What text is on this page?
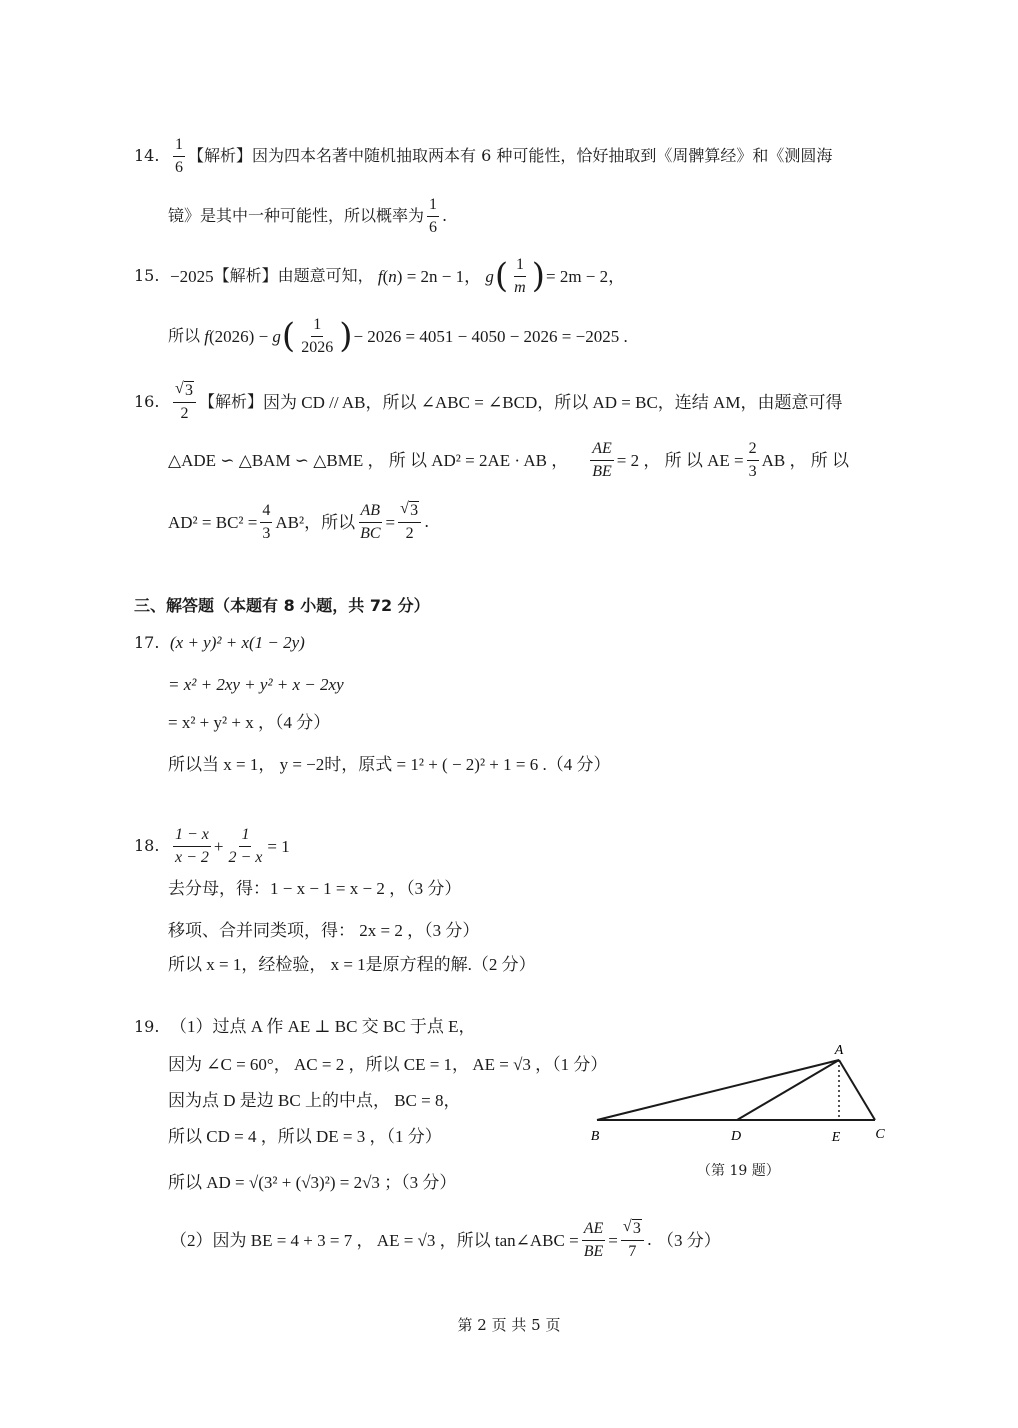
14. $\frac{1}{6}$ 【解析】 因为四本名著中随机抽取两本有 6 种可能性，恰好抽取到《周髀算经》和《测圆海
镜》是其中一种可能性，所以概率为 $\frac{1}{6}$ .
15. −2025 【解析】 由题意可知， f ( n ) = 2n − 1， g ( $\frac{1}{m}$ ) = 2m − 2，
所以 f(2026) − g ( $\frac{1}{2026}$ ) − 2026 = 4051 − 4050 − 2026 = −2025 .
16. $\frac{√ 3}{2}$ 【解析】 因为 CD // AB，所以 ∠ABC = ∠BCD，所以 AD = BC，连结 AM，由题意可得
△ADE ∽ △BAM ∽ △BME ， 所 以 AD² = 2AE · AB ， $\frac{AE}{BE} = 2$ ， 所 以 AE = $\frac{2}{3}$ AB ， 所 以
$AD^2 = BC^2 = \frac{4}{3} AB^2$，所以 $\frac{AB}{BC} = \frac{√ 3}{2}$ .
三、解答题（本题有 8 小题，共 72 分）
17. (x + y)² + x(1 − 2y)
= x² + 2xy + y² + x − 2xy
= x² + y² + x ，（4 分）
所以当 x = 1， y = −2时，原式 = 1² + ( − 2)² + 1 = 6 .（4 分）
18. $\frac{1 - x}{x - 2} + \frac{1}{2 - x} = 1$
去分母，得：1 − x − 1 = x − 2 ，（3 分）
移项、合并同类项，得： 2x = 2 ，（3 分）
所以 x = 1，经检验， x = 1是原方程的解.（2 分）
19. （1）过点 A 作 AE ⊥ BC 交 BC 于点 E，
因为 ∠C = 60°， AC = 2 ，所以 CE = 1， AE = √3 ，（1 分）
因为点 D 是边 BC 上的中点， BC = 8，
所以 CD = 4 ，所以 DE = 3 ，（1 分）
所以 AD = √(3² + (√3)²) = 2√3 ；（3 分）
（2）因为 BE = 4 + 3 = 7 ， AE = √3 ，所以 tan∠ABC = $\frac{AE}{BE} = \frac{√ 3}{7}$ . （3 分）
A
B	D	E	C
（第 19 题）
第 2 页 共 5 页
